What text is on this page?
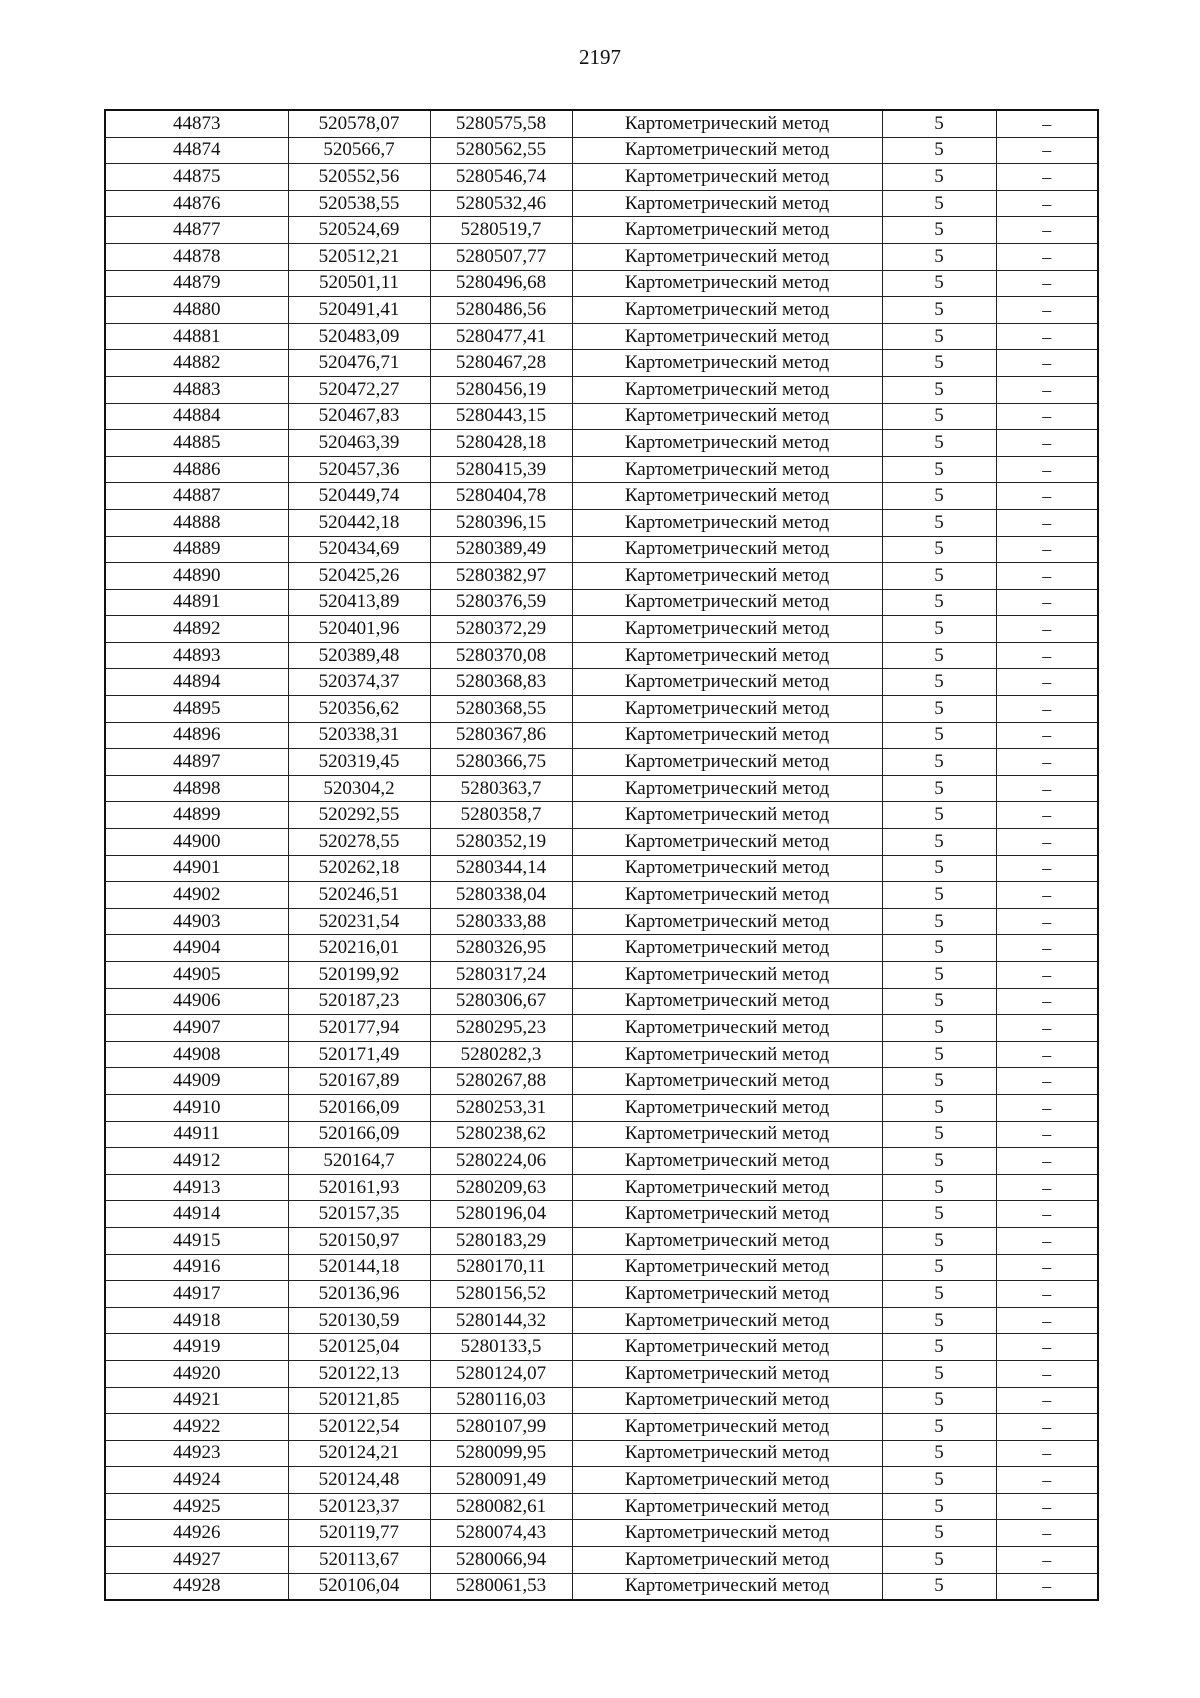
2197
44873	520578,07	5280575,58	Картометрический метод	5	–
44874	520566,7	5280562,55	Картометрический метод	5	–
44875	520552,56	5280546,74	Картометрический метод	5	–
44876	520538,55	5280532,46	Картометрический метод	5	–
44877	520524,69	5280519,7	Картометрический метод	5	–
44878	520512,21	5280507,77	Картометрический метод	5	–
44879	520501,11	5280496,68	Картометрический метод	5	–
44880	520491,41	5280486,56	Картометрический метод	5	–
44881	520483,09	5280477,41	Картометрический метод	5	–
44882	520476,71	5280467,28	Картометрический метод	5	–
44883	520472,27	5280456,19	Картометрический метод	5	–
44884	520467,83	5280443,15	Картометрический метод	5	–
44885	520463,39	5280428,18	Картометрический метод	5	–
44886	520457,36	5280415,39	Картометрический метод	5	–
44887	520449,74	5280404,78	Картометрический метод	5	–
44888	520442,18	5280396,15	Картометрический метод	5	–
44889	520434,69	5280389,49	Картометрический метод	5	–
44890	520425,26	5280382,97	Картометрический метод	5	–
44891	520413,89	5280376,59	Картометрический метод	5	–
44892	520401,96	5280372,29	Картометрический метод	5	–
44893	520389,48	5280370,08	Картометрический метод	5	–
44894	520374,37	5280368,83	Картометрический метод	5	–
44895	520356,62	5280368,55	Картометрический метод	5	–
44896	520338,31	5280367,86	Картометрический метод	5	–
44897	520319,45	5280366,75	Картометрический метод	5	–
44898	520304,2	5280363,7	Картометрический метод	5	–
44899	520292,55	5280358,7	Картометрический метод	5	–
44900	520278,55	5280352,19	Картометрический метод	5	–
44901	520262,18	5280344,14	Картометрический метод	5	–
44902	520246,51	5280338,04	Картометрический метод	5	–
44903	520231,54	5280333,88	Картометрический метод	5	–
44904	520216,01	5280326,95	Картометрический метод	5	–
44905	520199,92	5280317,24	Картометрический метод	5	–
44906	520187,23	5280306,67	Картометрический метод	5	–
44907	520177,94	5280295,23	Картометрический метод	5	–
44908	520171,49	5280282,3	Картометрический метод	5	–
44909	520167,89	5280267,88	Картометрический метод	5	–
44910	520166,09	5280253,31	Картометрический метод	5	–
44911	520166,09	5280238,62	Картометрический метод	5	–
44912	520164,7	5280224,06	Картометрический метод	5	–
44913	520161,93	5280209,63	Картометрический метод	5	–
44914	520157,35	5280196,04	Картометрический метод	5	–
44915	520150,97	5280183,29	Картометрический метод	5	–
44916	520144,18	5280170,11	Картометрический метод	5	–
44917	520136,96	5280156,52	Картометрический метод	5	–
44918	520130,59	5280144,32	Картометрический метод	5	–
44919	520125,04	5280133,5	Картометрический метод	5	–
44920	520122,13	5280124,07	Картометрический метод	5	–
44921	520121,85	5280116,03	Картометрический метод	5	–
44922	520122,54	5280107,99	Картометрический метод	5	–
44923	520124,21	5280099,95	Картометрический метод	5	–
44924	520124,48	5280091,49	Картометрический метод	5	–
44925	520123,37	5280082,61	Картометрический метод	5	–
44926	520119,77	5280074,43	Картометрический метод	5	–
44927	520113,67	5280066,94	Картометрический метод	5	–
44928	520106,04	5280061,53	Картометрический метод	5	–
